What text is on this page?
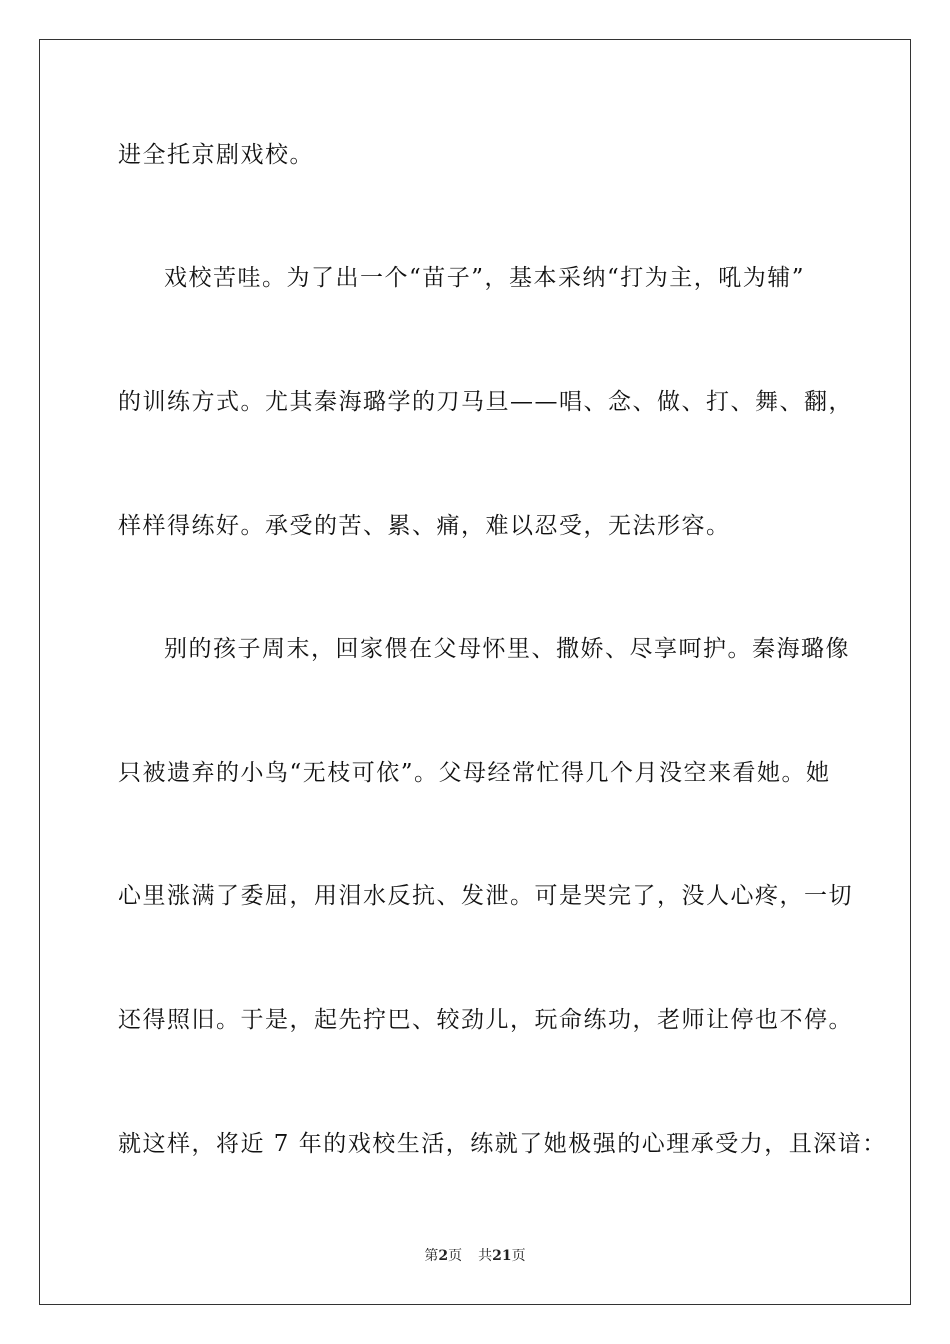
进全托京剧戏校。
戏校苦哇。为了出一个“苗子”，基本采纳“打为主，吼为辅”
的训练方式。尤其秦海璐学的刀马旦——唱、念、做、打、舞、翻，
样样得练好。承受的苦、累、痛，难以忍受，无法形容。
别的孩子周末，回家偎在父母怀里、撒娇、尽享呵护。秦海璐像
只被遗弃的小鸟“无枝可依”。父母经常忙得几个月没空来看她。她
心里涨满了委屈，用泪水反抗、发泄。可是哭完了，没人心疼，一切
还得照旧。于是，起先拧巴、较劲儿，玩命练功，老师让停也不停。
就这样，将近 7 年的戏校生活，练就了她极强的心理承受力，且深谙：
第2页 共21页
